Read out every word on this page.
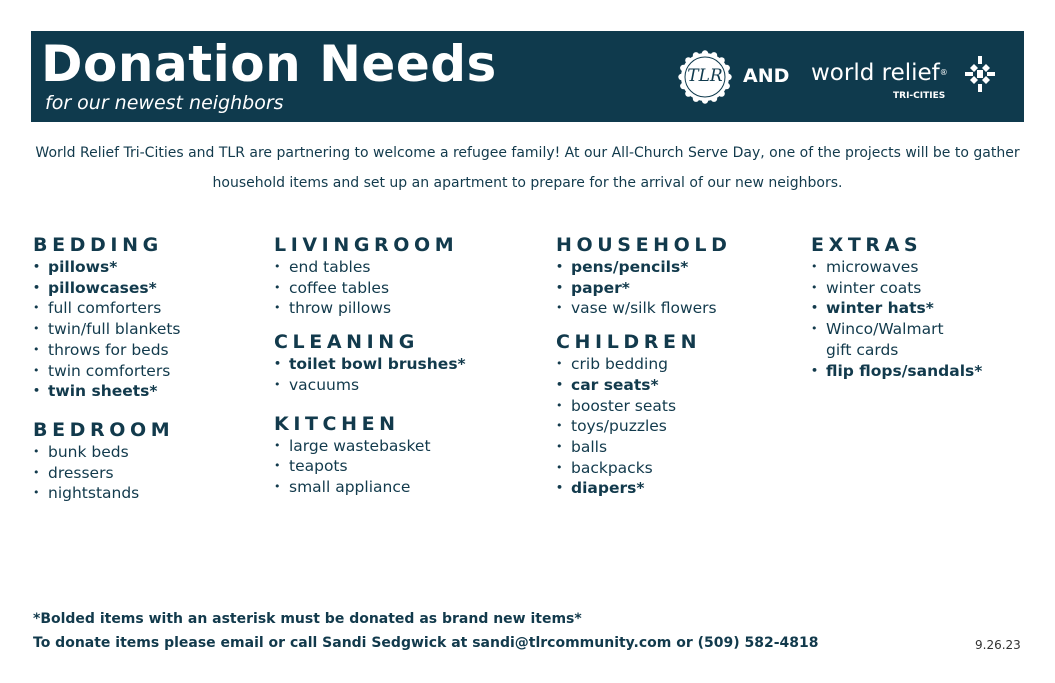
Donation Needs
for our newest neighbors
TLR	AND world relief®
TRI-CITIES

World Relief Tri-Cities and TLR are partnering to welcome a refugee family! At our All-Church Serve Day, one of the projects will be to gather household items and set up an apartment to prepare for the arrival of our new neighbors.

BEDDING
• pillows*
• pillowcases*
• full comforters
• twin/full blankets
• throws for beds
• twin comforters
• twin sheets*
BEDROOM
• bunk beds
• dressers
• nightstands
LIVINGROOM
• end tables
• coffee tables
• throw pillows
CLEANING
• toilet bowl brushes*
• vacuums
KITCHEN
• large wastebasket
• teapots
• small appliance
HOUSEHOLD
• pens/pencils*
• paper*
• vase w/silk flowers
CHILDREN
• crib bedding
• car seats*
• booster seats
• toys/puzzles
• balls
• backpacks
• diapers*
EXTRAS
• microwaves
• winter coats
• winter hats*
• Winco/Walmart gift cards
• flip flops/sandals*
*Bolded items with an asterisk must be donated as brand new items*
To donate items please email or call Sandi Sedgwick at sandi@tlrcommunity.com or (509) 582-4818	9.26.23
